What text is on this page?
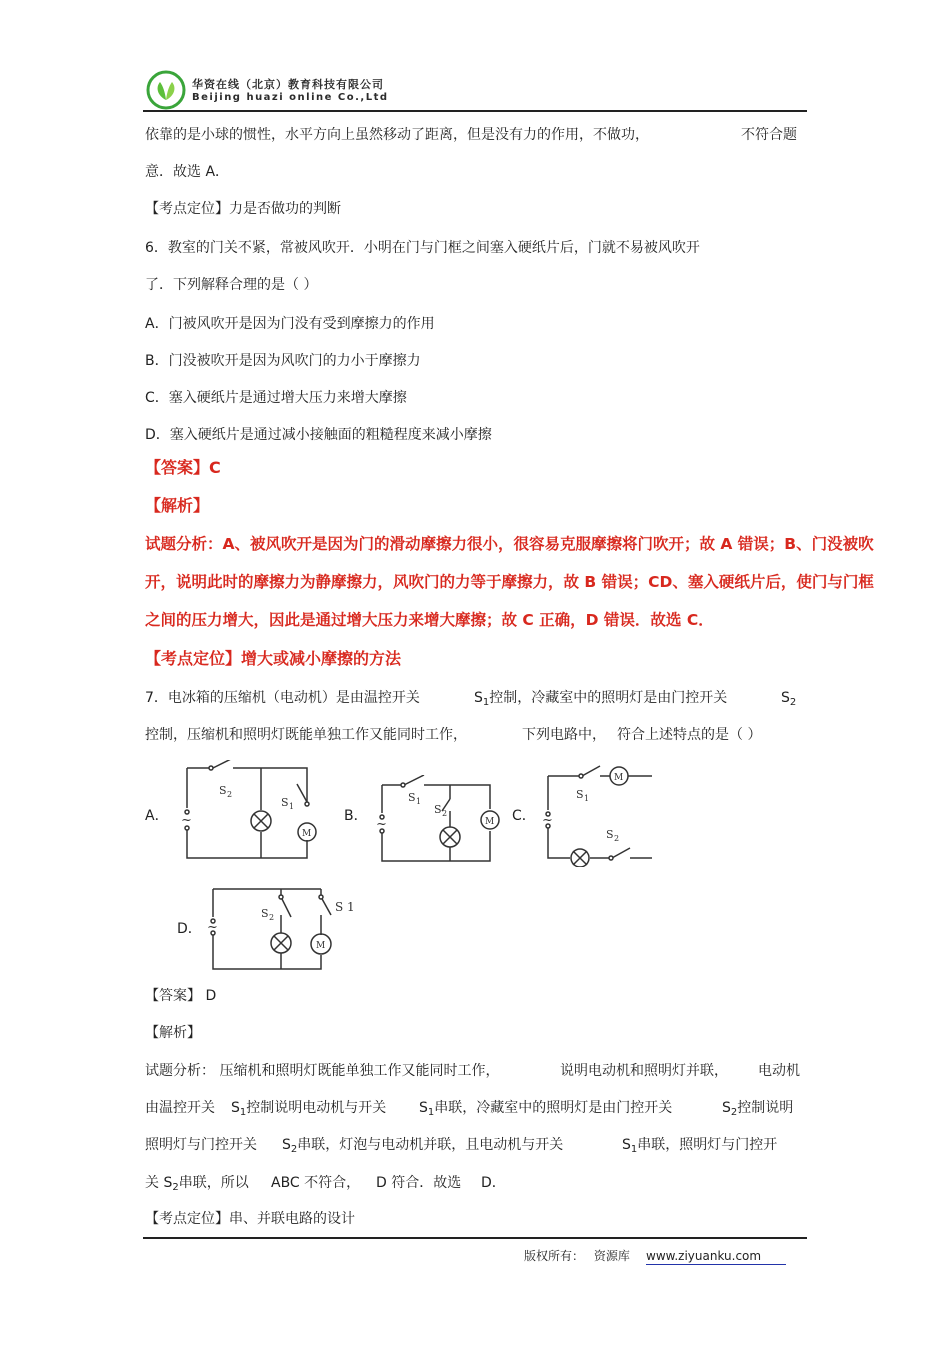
华资在线（北京）教育科技有限公司
Beijing huazi online Co.,Ltd
依靠的是小球的惯性，水平方向上虽然移动了距离，但是没有力的作用，不做功，	不符合题
意．故选 A．
【考点定位】力是否做功的判断
6．教室的门关不紧，常被风吹开．小明在门与门框之间塞入硬纸片后，门就不易被风吹开
了．下列解释合理的是（ ）
A．门被风吹开是因为门没有受到摩擦力的作用
B．门没被吹开是因为风吹门的力小于摩擦力
C．塞入硬纸片是通过增大压力来增大摩擦
D．塞入硬纸片是通过减小接触面的粗糙程度来减小摩擦
【答案】C
【解析】
试题分析：A、被风吹开是因为门的滑动摩擦力很小，很容易克服摩擦将门吹开；故 A 错误；B、门没被吹
开，说明此时的摩擦力为静摩擦力，风吹门的力等于摩擦力，故 B 错误；CD、塞入硬纸片后，使门与门框
之间的压力增大，因此是通过增大压力来增大摩擦；故 C 正确，D 错误．故选 C．
【考点定位】增大或减小摩擦的方法
7．电冰箱的压缩机（电动机）是由温控开关	$S_1$控制，冷藏室中的照明灯是由门控开关	$S_2$
控制，压缩机和照明灯既能单独工作又能同时工作，	下列电路中， 符合上述特点的是（ ）
A．	B．	C．
D．
~
S 2
S 1
M
~
S 1
S 2
M	~
S 1
S 2
M
~
S 2
S 1
M
【答案】 D
【解析】
试题分析： 压缩机和照明灯既能单独工作又能同时工作，	说明电动机和照明灯并联， 电动机
由温控开关 $S_1$控制说明电动机与开关 $S_1$串联，冷藏室中的照明灯是由门控开关	$S_2$控制说明
照明灯与门控开关 $S_2$串联，灯泡与电动机并联，且电动机与开关	$S_1$串联，照明灯与门控开
关 $S_2$串联，所以 ABC 不符合， D 符合．故选 D．
【考点定位】串、并联电路的设计
版权所有： 资源库 www.ziyuanku.com
